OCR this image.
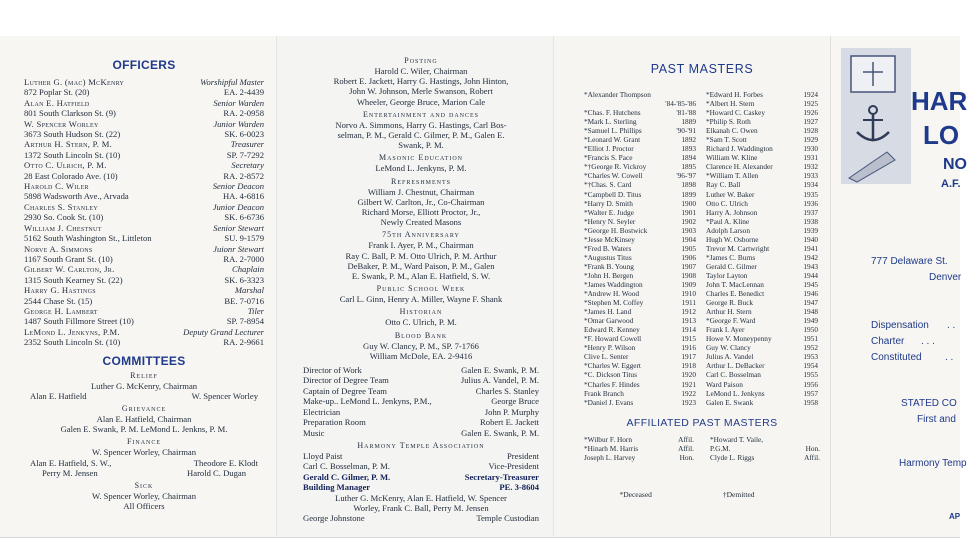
OFFICERS
Luther G. (mac) McKenry	Worshipful Master
872 Poplar St. (20)	EA. 2-4439
Alan E. Hatfield	Senior Warden
801 South Clarkson St. (9)	RA. 2-0958
W. Spencer Worley	Junior Warden
3673 South Hudson St. (22)	SK. 6-0023
Arthur H. Stern, P. M.	Treasurer
1372 South Lincoln St. (10)	SP. 7-7292
Otto C. Ulrich, P. M.	Secretary
28 East Colorado Ave. (10)	RA. 2-8572
Harold C. Wiler	Senior Deacon
5898 Wadsworth Ave., Arvada	HA. 4-6816
Charles S. Stanley	Junior Deacon
2930 So. Cook St. (10)	SK. 6-6736
William J. Chestnut	Senior Stewart
5162 South Washington St., Littleton	SU. 9-1579
Norve A. Simmons	Juionr Stewart
1167 South Grant St. (10)	RA. 2-7000
Gilbert W. Carlton, Jr.	Chaplain
1315 South Kearney St. (22)	SK. 6-3323
Harry G. Hastings	Marshal
2544 Chase St. (15)	BE. 7-0716
George H. Lambert	Tiler
1487 South Fillmore Street (10)	SP. 7-8954
LeMond L. Jenkyns, P.M.	Deputy Grand Lecturer
2352 South Lincoln St. (10)	RA. 2-9661
COMMITTEES
Relief
Luther G. McKenry, Chairman
Alan E. Hatfield	W. Spencer Worley
Grievance
Alan E. Hatfield, Chairman
Galen E. Swank, P. M. LeMond L. Jenkns, P. M.
Finance
W. Spencer Worley, Chairman
Alan E. Hatfield, S. W.,	Theodore E. Klodt
Perry M. Jensen	Harold C. Dugan
Sick
W. Spencer Worley, Chairman
All Officers
Posting
Harold C. Wiler, Chairman
Robert E. Jackett, Harry G. Hastings, John Hinton,
John W. Johnson, Merle Swanson, Robert
Wheeler, George Bruce, Marion Cale
Entertainment and dances
Norvo A. Simmons, Harry G. Hastings, Carl Bos-
selman, P. M., Gerald C. Gilmer, P. M., Galen E.
Swank, P. M.
Masonic Education
LeMond L. Jenkyns, P. M.
Refreshments
William J. Chestnut, Chairman
Gilbert W. Carlton, Jr., Co-Chairman
Richard Morse, Elliott Proctor, Jr.,
Newly Created Masons
75th Anniversary
Frank I. Ayer, P. M., Chairman
Ray C. Ball, P. M. Otto Ulrich, P. M. Arthur
DeBaker, P. M., Ward Paison, P. M., Galen
E. Swank, P. M., Alan E. Hatfield, S. W.
Public School Week
Carl L. Ginn, Henry A. Miller, Wayne F. Shank
Historian
Otto C. Ulrich, P. M.
Blood Bank
Guy W. Clancy, P. M., SP. 7-1766
William McDole, EA. 2-9416
Director of Work	Galen E. Swank, P. M.
Director of Degree Team	Julius A. Vandel, P. M.
Captain of Degree Team	Charles S. Stanley
Make-up.. LeMond L. Jenkyns, P.M.,	George Bruce
Electrician	John P. Murphy
Preparation Room	Robert E. Jackett
Music	Galen E. Swank, P. M.
Harmony Temple Association
Lloyd Paist	President
Carl C. Bosselman, P. M.	Vice-President
Gerald C. Gilmer, P. M.	Secretary-Treasurer
Building Manager	PE. 3-8604
Luther G. McKenry, Alan E. Hatfield, W. Spencer
Worley, Frank C. Ball, Perry M. Jensen
George Johnstone	Temple Custodian
PAST MASTERS
*Alexander Thompson
'84-'85-'86
*Chas. F. Hutchens	'81-'88
*Mark L. Sterling	1889
*Samuel L. Phillips	'90-'91
*Leonard W. Grant	1892
*Elliot J. Proctor	1893
*Francis S. Pace	1894
*†George R. Vickroy	1895
*Charles W. Cowell	'96-'97
*†Chas. S. Card	1898
*Campbell D. Titus	1899
*Harry D. Smith	1900
*Walter E. Judge	1901
*Henry N. Seyler	1902
*George H. Bostwick	1903
*Jesse McKinsey	1904
*Fred B. Waters	1905
*Augustus Titus	1906
*Frank B. Young	1907
*John H. Bergen	1908
*James Waddington	1909
*Andrew H. Wood	1910
*Stephen M. Coffey	1911
*James H. Land	1912
*Omar Garwood	1913
Edward R. Kenney	1914
*F. Howard Cowell	1915
*Henry P. Wilson	1916
Clive L. Senter	1917
*Charles W. Eggert	1918
*C. Dickson Titus	1920
*Charles F. Hindes	1921
Frank Branch	1922
*Daniel J. Evans	1923
*Edward H. Forbes	1924
*Albert H. Stern	1925
*Howard C. Caskey	1926
*Philip S. Roth	1927
Elkanah C. Owen	1928
*Sam T. Scott	1929
Richard J. Waddington	1930
William W. Kline	1931
Clarence H. Alexander	1932
*William T. Allen	1933
Ray C. Ball	1934
Luther W. Baker	1935
Otto C. Ulrich	1936
Harry A. Johnson	1937
*Paul A. Kline	1938
Adolph Larson	1939
Hugh W. Osborne	1940
Trevor M. Cartwright	1941
*James C. Burns	1942
Gerald C. Gilmer	1943
Taylor Layton	1944
John T. MacLennan	1945
Charles E. Benedict	1946
George R. Buck	1947
Arthur H. Stern	1948
*George F. Ward	1949
Frank I. Ayer	1950
Howe V. Moneypenny	1951
Guy W. Clancy	1952
Julius A. Vandel	1953
Arthur L. DeBacker	1954
Carl C. Bosselman	1955
Ward Paison	1956
LeMond L. Jenkyns	1957
Galen E. Swank	1958
AFFILIATED PAST MASTERS
*Wilbur F. Horn	Affil.
*Hinarh M. Harris	Affil.
Joseph L. Harvey	Hon.
*Howard T. Vaile,
P.G.M.	Hon.
Clyde L. Riggs	Affil.
*Deceased	†Demitted
HAR
LO
NO
A.F.
777 Delaware St.
Denver
Dispensation . .
Charter . . .
Constituted . .
STATED CO
First and
Harmony Temp
AP
